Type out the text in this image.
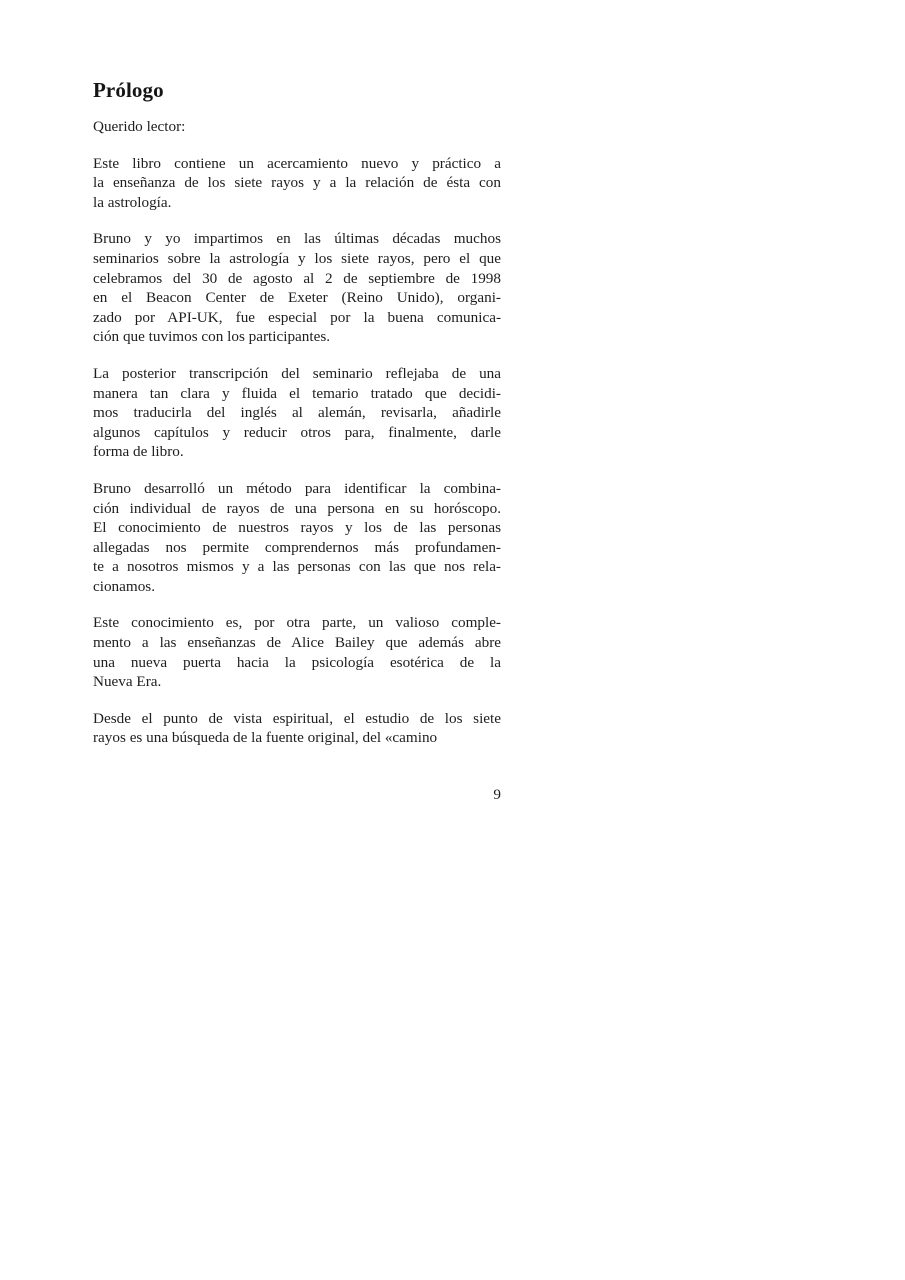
Prólogo

Querido lector:

Este libro contiene un acercamiento nuevo y práctico a
la enseñanza de los siete rayos y a la relación de ésta con
la astrología.

Bruno y yo impartimos en las últimas décadas muchos
seminarios sobre la astrología y los siete rayos, pero el que
celebramos del 30 de agosto al 2 de septiembre de 1998
en el Beacon Center de Exeter (Reino Unido), organi-
zado por API-UK, fue especial por la buena comunica-
ción que tuvimos con los participantes.

La posterior transcripción del seminario reflejaba de una
manera tan clara y fluida el temario tratado que decidi-
mos traducirla del inglés al alemán, revisarla, añadirle
algunos capítulos y reducir otros para, finalmente, darle
forma de libro.

Bruno desarrolló un método para identificar la combina-
ción individual de rayos de una persona en su horóscopo.
El conocimiento de nuestros rayos y los de las personas
allegadas nos permite comprendernos más profundamen-
te a nosotros mismos y a las personas con las que nos rela-
cionamos.

Este conocimiento es, por otra parte, un valioso comple-
mento a las enseñanzas de Alice Bailey que además abre
una nueva puerta hacia la psicología esotérica de la
Nueva Era.

Desde el punto de vista espiritual, el estudio de los siete
rayos es una búsqueda de la fuente original, del «camino

9
